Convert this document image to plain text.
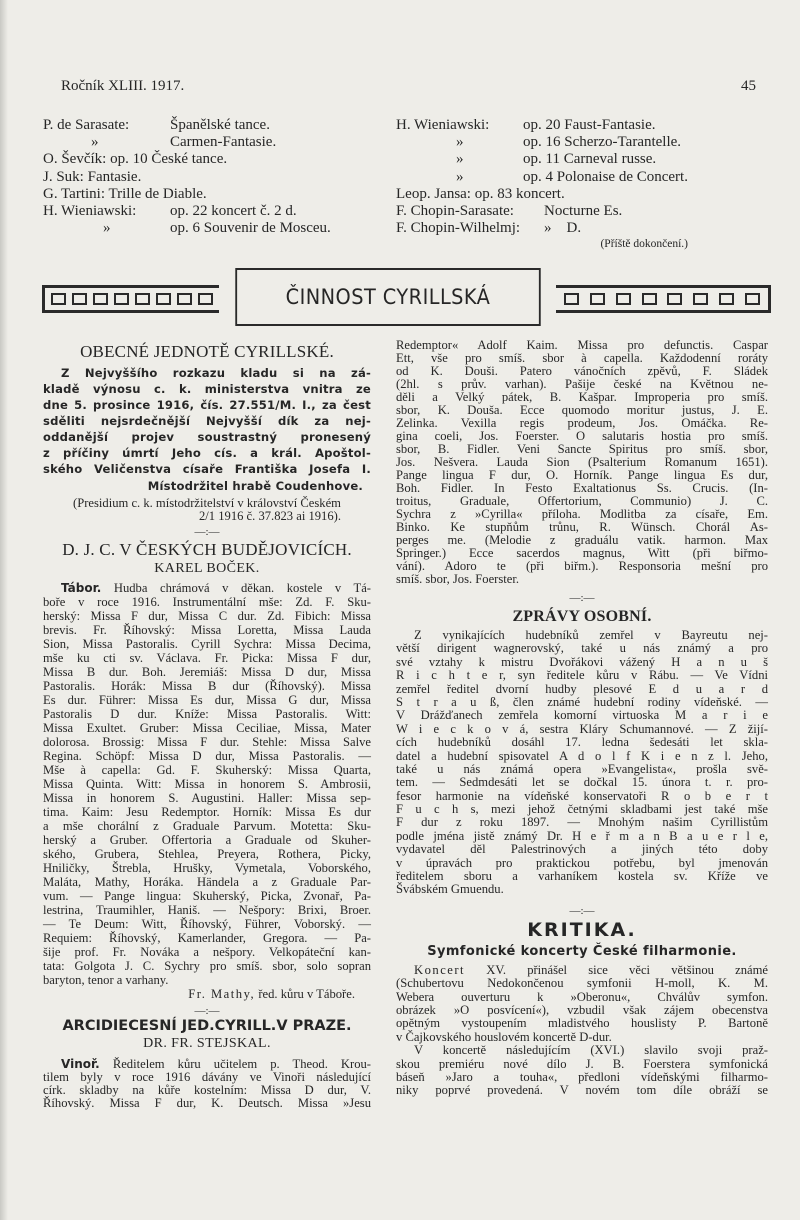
Ročník XLIII. 1917.	45
P. de Sarasate:	Španělské tance.
»	Carmen-Fantasie.
O. Ševčík: op. 10 České tance.
J. Suk: Fantasie.
G. Tartini: Trille de Diable.
H. Wieniawski:	op. 22 koncert č. 2 d.
»	op. 6 Souvenir de Mosceu.
H. Wieniawski:	op. 20 Faust-Fantasie.
»	op. 16 Scherzo-Tarantelle.
»	op. 11 Carneval russe.
»	op. 4 Polonaise de Concert.
Leop. Jansa: op. 83 koncert.
F. Chopin-Sarasate:	Nocturne Es.
F. Chopin-Wilhelmj:	»    D.
(Příště dokončení.)
ČINNOST CYRILLSKÁ
OBECNÉ JEDNOTĚ CYRILLSKÉ.
Z Nejvyššího rozkazu kladu si na zá-
kladě výnosu c. k. ministerstva vnitra ze
dne 5. prosince 1916, čís. 27.551/M. I., za čest
sděliti nejsrdečnější Nejvyšší dík za nej-
oddanější projev soustrastný pronesený
z příčiny úmrtí Jeho cís. a král. Apoštol-
ského Veličenstva císaře Františka Josefa I.
Místodržitel hrabě Coudenhove.
(Presidium c. k. místodržitelství v království Českém
2/1 1916 č. 37.823 ai 1916).
—:—
D. J. C. V ČESKÝCH BUDĚJOVICÍCH.
KAREL BOČEK.
Tábor. Hudba chrámová v děkan. kostele v Tá-
boře v roce 1916. Instrumentální mše: Zd. F. Sku-
herský: Missa F dur, Missa C dur. Zd. Fibich: Missa
brevis. Fr. Říhovský: Missa Loretta, Missa Lauda
Sion, Missa Pastoralis. Cyrill Sychra: Missa Decima,
mše ku cti sv. Václava. Fr. Picka: Missa F dur,
Missa B dur. Boh. Jeremiáš: Missa D dur, Missa
Pastoralis. Horák: Missa B dur (Říhovský). Missa
Es dur. Führer: Missa Es dur, Missa G dur, Missa
Pastoralis D dur. Kníže: Missa Pastoralis. Witt:
Missa Exultet. Gruber: Missa Ceciliae, Missa, Mater
dolorosa. Brossig: Missa F dur. Stehle: Missa Salve
Regina. Schöpf: Missa D dur, Missa Pastoralis. —
Mše à capella: Gd. F. Skuherský: Missa Quarta,
Missa Quinta. Witt: Missa in honorem S. Ambrosii,
Missa in honorem S. Augustini. Haller: Missa sep-
tima. Kaim: Jesu Redemptor. Horník: Missa Es dur
a mše chorální z Graduale Parvum. Motetta: Sku-
herský a Gruber. Offertoria a Graduale od Skuher-
ského, Grubera, Stehlea, Preyera, Rothera, Picky,
Hniličky, Štrebla, Hrušky, Vymetala, Voborského,
Maláta, Mathy, Horáka. Händela a z Graduale Par-
vum. — Pange lingua: Skuherský, Picka, Zvonař, Pa-
lestrina, Traumihler, Haniš. — Nešpory: Brixi, Broer.
— Te Deum: Witt, Říhovský, Führer, Voborský. —
Requiem: Říhovský, Kamerlander, Gregora. — Pa-
šije prof. Fr. Nováka a nešpory. Velkopáteční kan-
tata: Golgota J. C. Sychry pro smíš. sbor, solo sopran
baryton, tenor a varhany.
Fr. Mathy, řed. kůru v Táboře.
—:—
ARCIDIECESNÍ JED.CYRILL.V PRAZE.
DR. FR. STEJSKAL.
Vinoř. Ředitelem kůru učitelem p. Theod. Krou-
tilem byly v roce 1916 dávány ve Vinoři následující
círk. skladby na kůře kostelním: Missa D dur, V.
Říhovský. Missa F dur, K. Deutsch. Missa »Jesu
Redemptor« Adolf Kaim. Missa pro defunctis. Caspar
Ett, vše pro smíš. sbor à capella. Každodenní roráty
od K. Douši. Patero vánočních zpěvů, F. Sládek
(2hl. s prův. varhan). Pašije české na Květnou ne-
děli a Velký pátek, B. Kašpar. Improperia pro smíš.
sbor, K. Douša. Ecce quomodo moritur justus, J. E.
Zelinka. Vexilla regis prodeum, Jos. Omáčka. Re-
gina coeli, Jos. Foerster. O salutaris hostia pro smíš.
sbor, B. Fidler. Veni Sancte Spiritus pro smíš. sbor,
Jos. Nešvera. Lauda Sion (Psalterium Romanum 1651).
Pange lingua F dur, O. Horník. Pange lingua Es dur,
Boh. Fidler. In Festo Exaltationus Ss. Crucis. (In-
troitus, Graduale, Offertorium, Communio) J. C.
Sychra z »Cyrilla« příloha. Modlitba za císaře, Em.
Binko. Ke stupňům trůnu, R. Wünsch. Chorál As-
perges me. (Melodie z graduálu vatik. harmon. Max
Springer.) Ecce sacerdos magnus, Witt (při biřmo-
vání). Adoro te (při biřm.). Responsoria mešní pro
smíš. sbor, Jos. Foerster.
—:—
ZPRÁVY OSOBNÍ.
Z vynikajících hudebníků zemřel v Bayreutu nej-
větší dirigent wagnerovský, také u nás známý a pro
své vztahy k mistru Dvořákovi vážený H a n u š
R i c h t e r, syn ředitele kůru v Rábu. — Ve Vídni
zemřel ředitel dvorní hudby plesové E d u a r d
S t r a u ß, člen známé hudební rodiny vídeňské. —
V Drážďanech zemřela komorní virtuoska M a r i e
W i e c k o v á, sestra Kláry Schumannové. — Z žijí-
cích hudebníků dosáhl 17. ledna šedesáti let skla-
datel a hudební spisovatel A d o l f K i e n z l. Jeho,
také u nás známá opera »Evangelista«, prošla svě-
tem. — Sedmdesáti let se dočkal 15. února t. r. pro-
fesor harmonie na vídeňské konservatoři R o b e r t
F u c h s, mezi jehož četnými skladbami jest také mše
F dur z roku 1897. — Mnohým našim Cyrillistům
podle jména jistě známý Dr. H e ř m a n B a u e r l e,
vydavatel děl Palestrinových a jiných této doby
v úpravách pro praktickou potřebu, byl jmenován
ředitelem sboru a varhaníkem kostela sv. Kříže ve
Švábském Gmuendu.
—:—
KRITIKA.
Symfonické koncerty České filharmonie.
Koncert XV. přinášel sice věci většinou známé
(Schubertovu Nedokončenou symfonii H-moll, K. M.
Webera ouverturu k »Oberonu«, Chválův symfon.
obrázek »O posvícení«), vzbudil však zájem obecenstva
opětným vystoupením mladistvého houslisty P. Bartoně
v Čajkovského houslovém koncertě D-dur.
V koncertě následujícím (XVI.) slavilo svoji praž-
skou premiéru nové dílo J. B. Foerstera symfonická
báseň »Jaro a touha«, předloni vídeňskými filharmo-
niky poprvé provedená. V novém tom díle obráží se
